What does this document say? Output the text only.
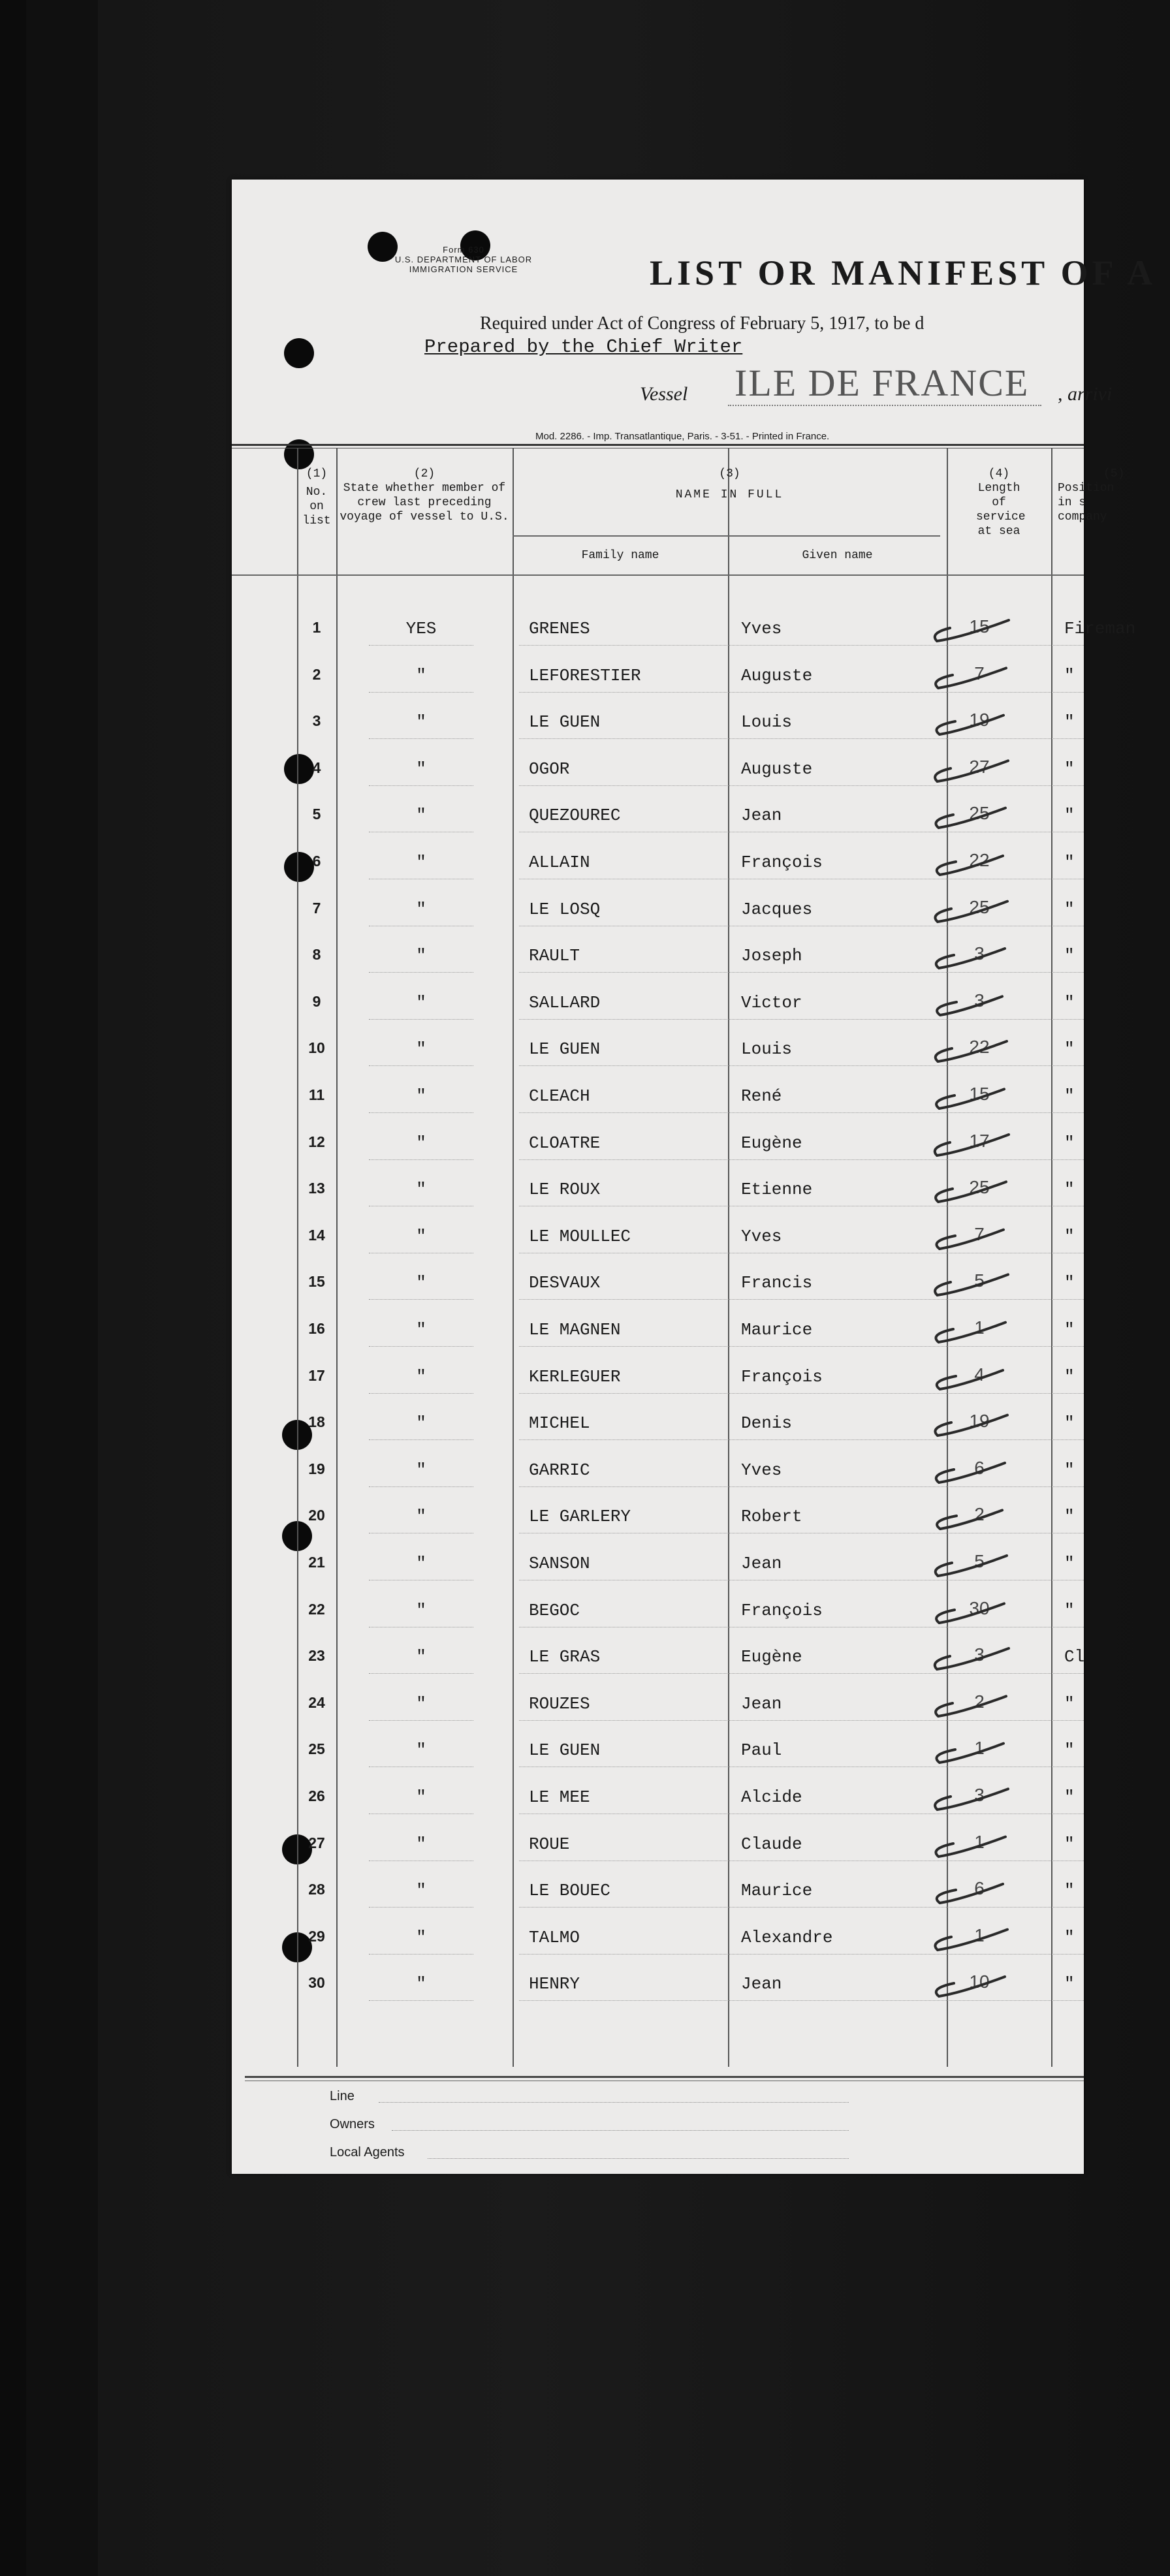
Form 630
U.S. DEPARTMENT OF LABOR
IMMIGRATION SERVICE	LIST OR MANIFEST OF A
Required under Act of Congress of February 5, 1917, to be d
Prepared by the Chief Writer
Vessel ILE DE FRANCE , arrivi
Mod. 2286. - Imp. Transatlantique, Paris. - 3-51. - Printed in France.
(1)
No. on list
(2)
State whether member of crew last preceding voyage of vessel to U.S.
(3)
NAME IN FULL
Family name	Given name
(4)
Length of service at sea
(5)
Position in s company
1	YES	GRENES	Yves	15	Fireman
2	"	LEFORESTIER	Auguste	7	"
3	"	LE GUEN	Louis	19	"
4	"	OGOR	Auguste	27	"
5	"	QUEZOUREC	Jean	25	"
6	"	ALLAIN	François	22	"
7	"	LE LOSQ	Jacques	25	"
8	"	RAULT	Joseph	3	"
9	"	SALLARD	Victor	3	"
10	"	LE GUEN	Louis	22	"
11	"	CLEACH	René	15	"
12	"	CLOATRE	Eugène	17	"
13	"	LE ROUX	Etienne	25	"
14	"	LE MOULLEC	Yves	7	"
15	"	DESVAUX	Francis	5	"
16	"	LE MAGNEN	Maurice	1	"
17	"	KERLEGUER	François	4	"
18	"	MICHEL	Denis	19	"
19	"	GARRIC	Yves	6	"
20	"	LE GARLERY	Robert	2	"
21	"	SANSON	Jean	5	"
22	"	BEGOC	François	30	"
23	"	LE GRAS	Eugène	3	Cl
24	"	ROUZES	Jean	2	"
25	"	LE GUEN	Paul	1	"
26	"	LE MEE	Alcide	3	"
27	"	ROUE	Claude	1	"
28	"	LE BOUEC	Maurice	6	"
29	"	TALMO	Alexandre	1	"
30	"	HENRY	Jean	10	"
Line
Owners
Local Agents
